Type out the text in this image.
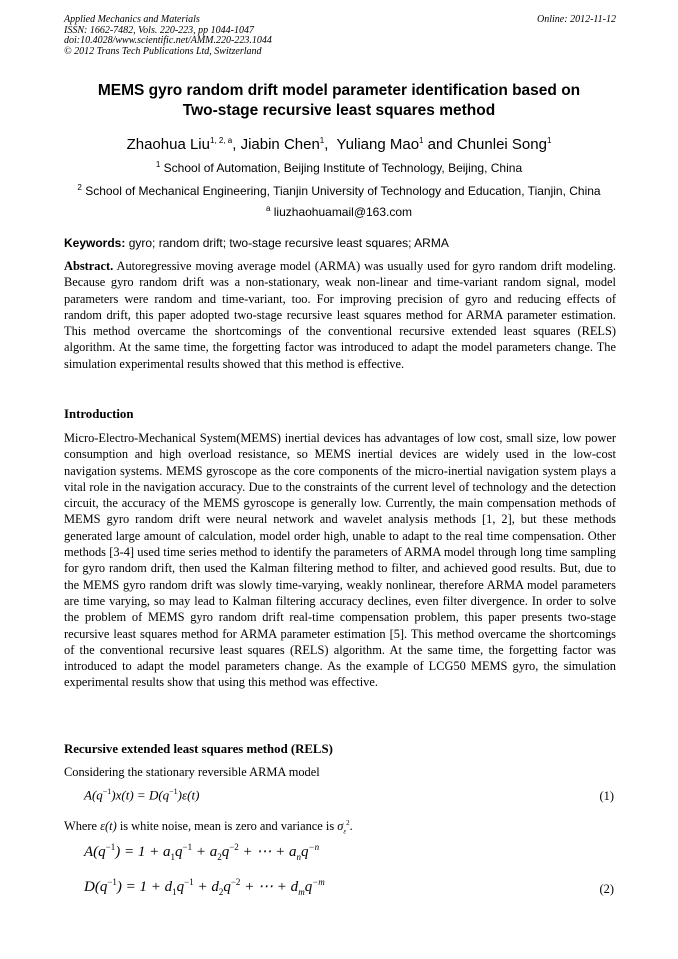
Applied Mechanics and Materials
ISSN: 1662-7482, Vols. 220-223, pp 1044-1047
doi:10.4028/www.scientific.net/AMM.220-223.1044
© 2012 Trans Tech Publications Ltd, Switzerland
Online: 2012-11-12
MEMS gyro random drift model parameter identification based on
Two-stage recursive least squares method
Zhaohua Liu$^{1, 2, a}$, Jiabin Chen$^1$,  Yuliang Mao$^1$ and Chunlei Song$^1$
$^1$ School of Automation, Beijing Institute of Technology, Beijing, China
$^2$ School of Mechanical Engineering, Tianjin University of Technology and Education, Tianjin, China
$^a$ liuzhaohuamail@163.com
Keywords: gyro; random drift; two-stage recursive least squares; ARMA
Abstract. Autoregressive moving average model (ARMA) was usually used for gyro random drift modeling. Because gyro random drift was a non-stationary, weak non-linear and time-variant random signal, model parameters were random and time-variant, too. For improving precision of gyro and reducing effects of random drift, this paper adopted two-stage recursive least squares method for ARMA parameter estimation. This method overcame the shortcomings of the conventional recursive extended least squares (RELS) algorithm. At the same time, the forgetting factor was introduced to adapt the model parameters change. The simulation experimental results showed that this method is effective.
Introduction
Micro-Electro-Mechanical System(MEMS) inertial devices has advantages of low cost, small size, low power consumption and high overload resistance, so MEMS inertial devices are widely used in the low-cost navigation systems. MEMS gyroscope as the core components of the micro-inertial navigation system plays a vital role in the navigation accuracy. Due to the constraints of the current level of technology and the detection circuit, the accuracy of the MEMS gyroscope is generally low. Currently, the main compensation methods of MEMS gyro random drift were neural network and wavelet analysis methods [1, 2], but these methods generated large amount of calculation, model order high, unable to adapt to the real time compensation. Other methods [3-4] used time series method to identify the parameters of ARMA model through long time sampling for gyro random drift, then used the Kalman filtering method to filter, and achieved good results. But, due to the MEMS gyro random drift was slowly time-varying, weakly nonlinear, therefore ARMA model parameters are time varying, so may lead to Kalman filtering accuracy declines, even filter divergence. In order to solve the problem of MEMS gyro random drift real-time compensation problem, this paper presents two-stage recursive least squares method for ARMA parameter estimation [5]. This method overcame the shortcomings of the conventional recursive least squares (RELS) algorithm. At the same time, the forgetting factor was introduced to adapt the model parameters change. As the example of LCG50 MEMS gyro, the simulation experimental results show that using this method was effective.
Recursive extended least squares method (RELS)
Considering the stationary reversible ARMA model
$A(q^{-1})x(t) = D(q^{-1})\varepsilon(t)$	(1)
Where ε(t) is white noise, mean is zero and variance is $\sigma_\varepsilon^2$.
$A(q^{-1}) = 1 + a_1q^{-1} + a_2q^{-2}$ + ⋯ + $a_nq^{-n}$
$D(q^{-1}) = 1 + d_1q^{-1} + d_2q^{-2}$ + ⋯ + $d_mq^{-m}$	(2)
